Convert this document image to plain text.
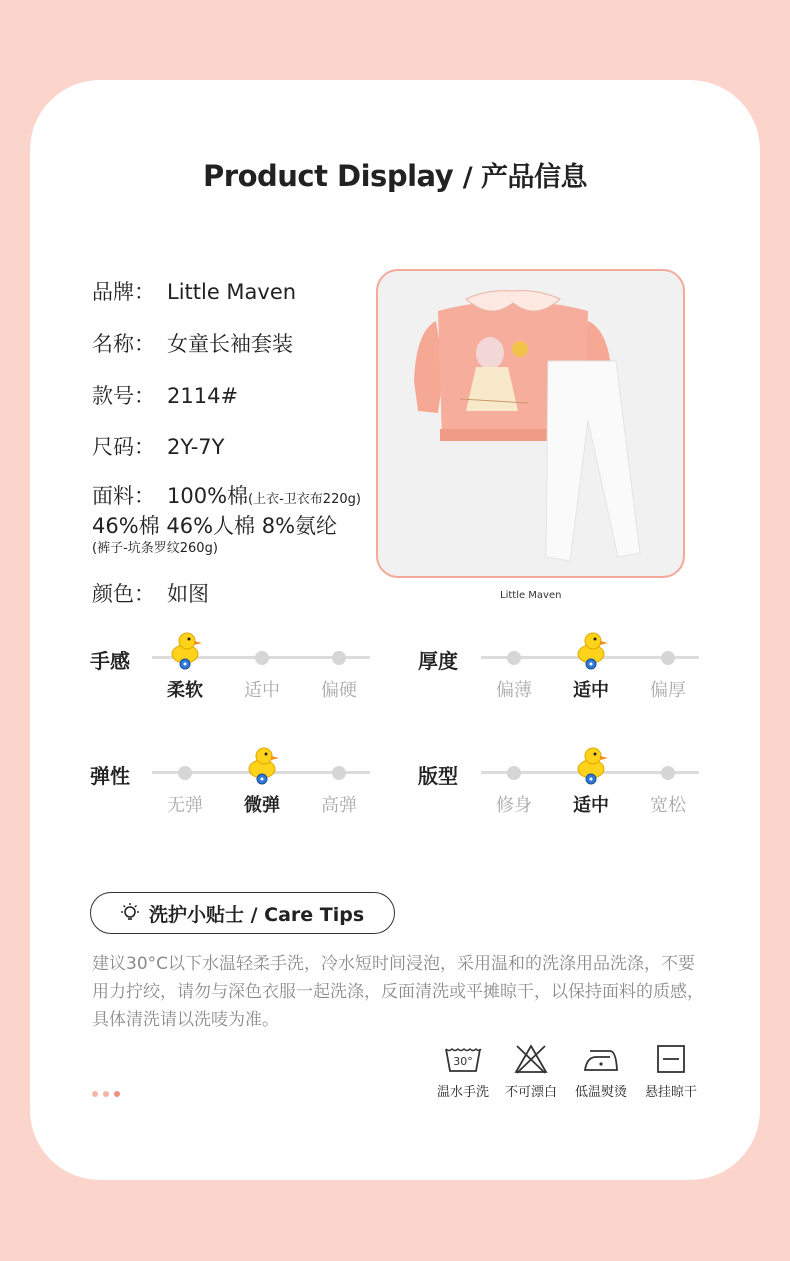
Product Display / 产品信息
品牌： Little Maven
名称： 女童长袖套装
款号： 2114#
尺码： 2Y-7Y
面料： 100%棉(上衣-卫衣布220g)
46%棉 46%人棉 8%氨纶
(裤子-坑条罗纹260g)
颜色： 如图	Little Maven
手感
柔软	适中	偏硬
厚度
偏薄	适中	偏厚
弹性
无弹	微弹	高弹
版型
修身	适中	宽松
洗护小贴士 / Care Tips
建议30°C以下水温轻柔手洗，冷水短时间浸泡，采用温和的洗涤用品洗涤，不要用力拧绞，请勿与深色衣服一起洗涤，反面清洗或平摊晾干，以保持面料的质感，具体清洗请以洗唛为准。
30°
温水手洗	不可漂白	低温熨烫	悬挂晾干
